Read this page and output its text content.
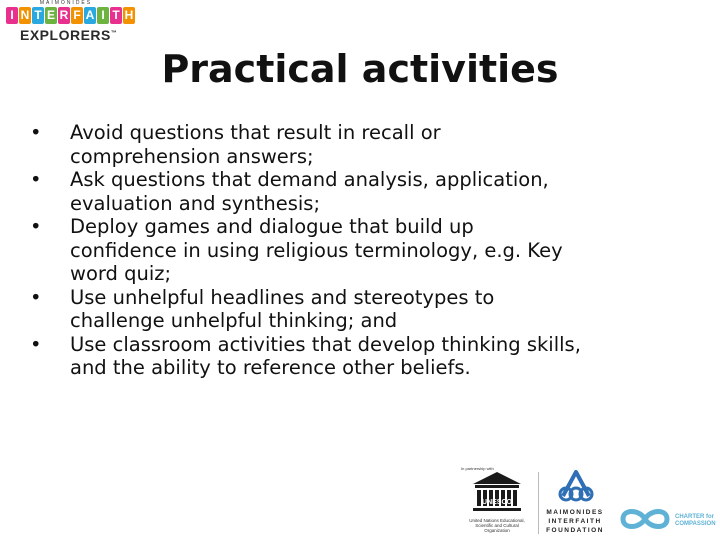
MAIMONIDES
I N T E R F A I T H
EXPLORERS™
Practical activities
• Avoid questions that result in recall or
comprehension answers;
• Ask questions that demand analysis, application,
evaluation and synthesis;
• Deploy games and dialogue that build up
confidence in using religious terminology, e.g. Key
word quiz;
• Use unhelpful headlines and stereotypes to
challenge unhelpful thinking; and
• Use classroom activities that develop thinking skills,
and the ability to reference other beliefs.
In partnership with
UNESCO
United Nations Educational, Scientific and Cultural Organization
MAIMONIDES
INTERFAITH
FOUNDATION
CHARTER for
COMPASSION
